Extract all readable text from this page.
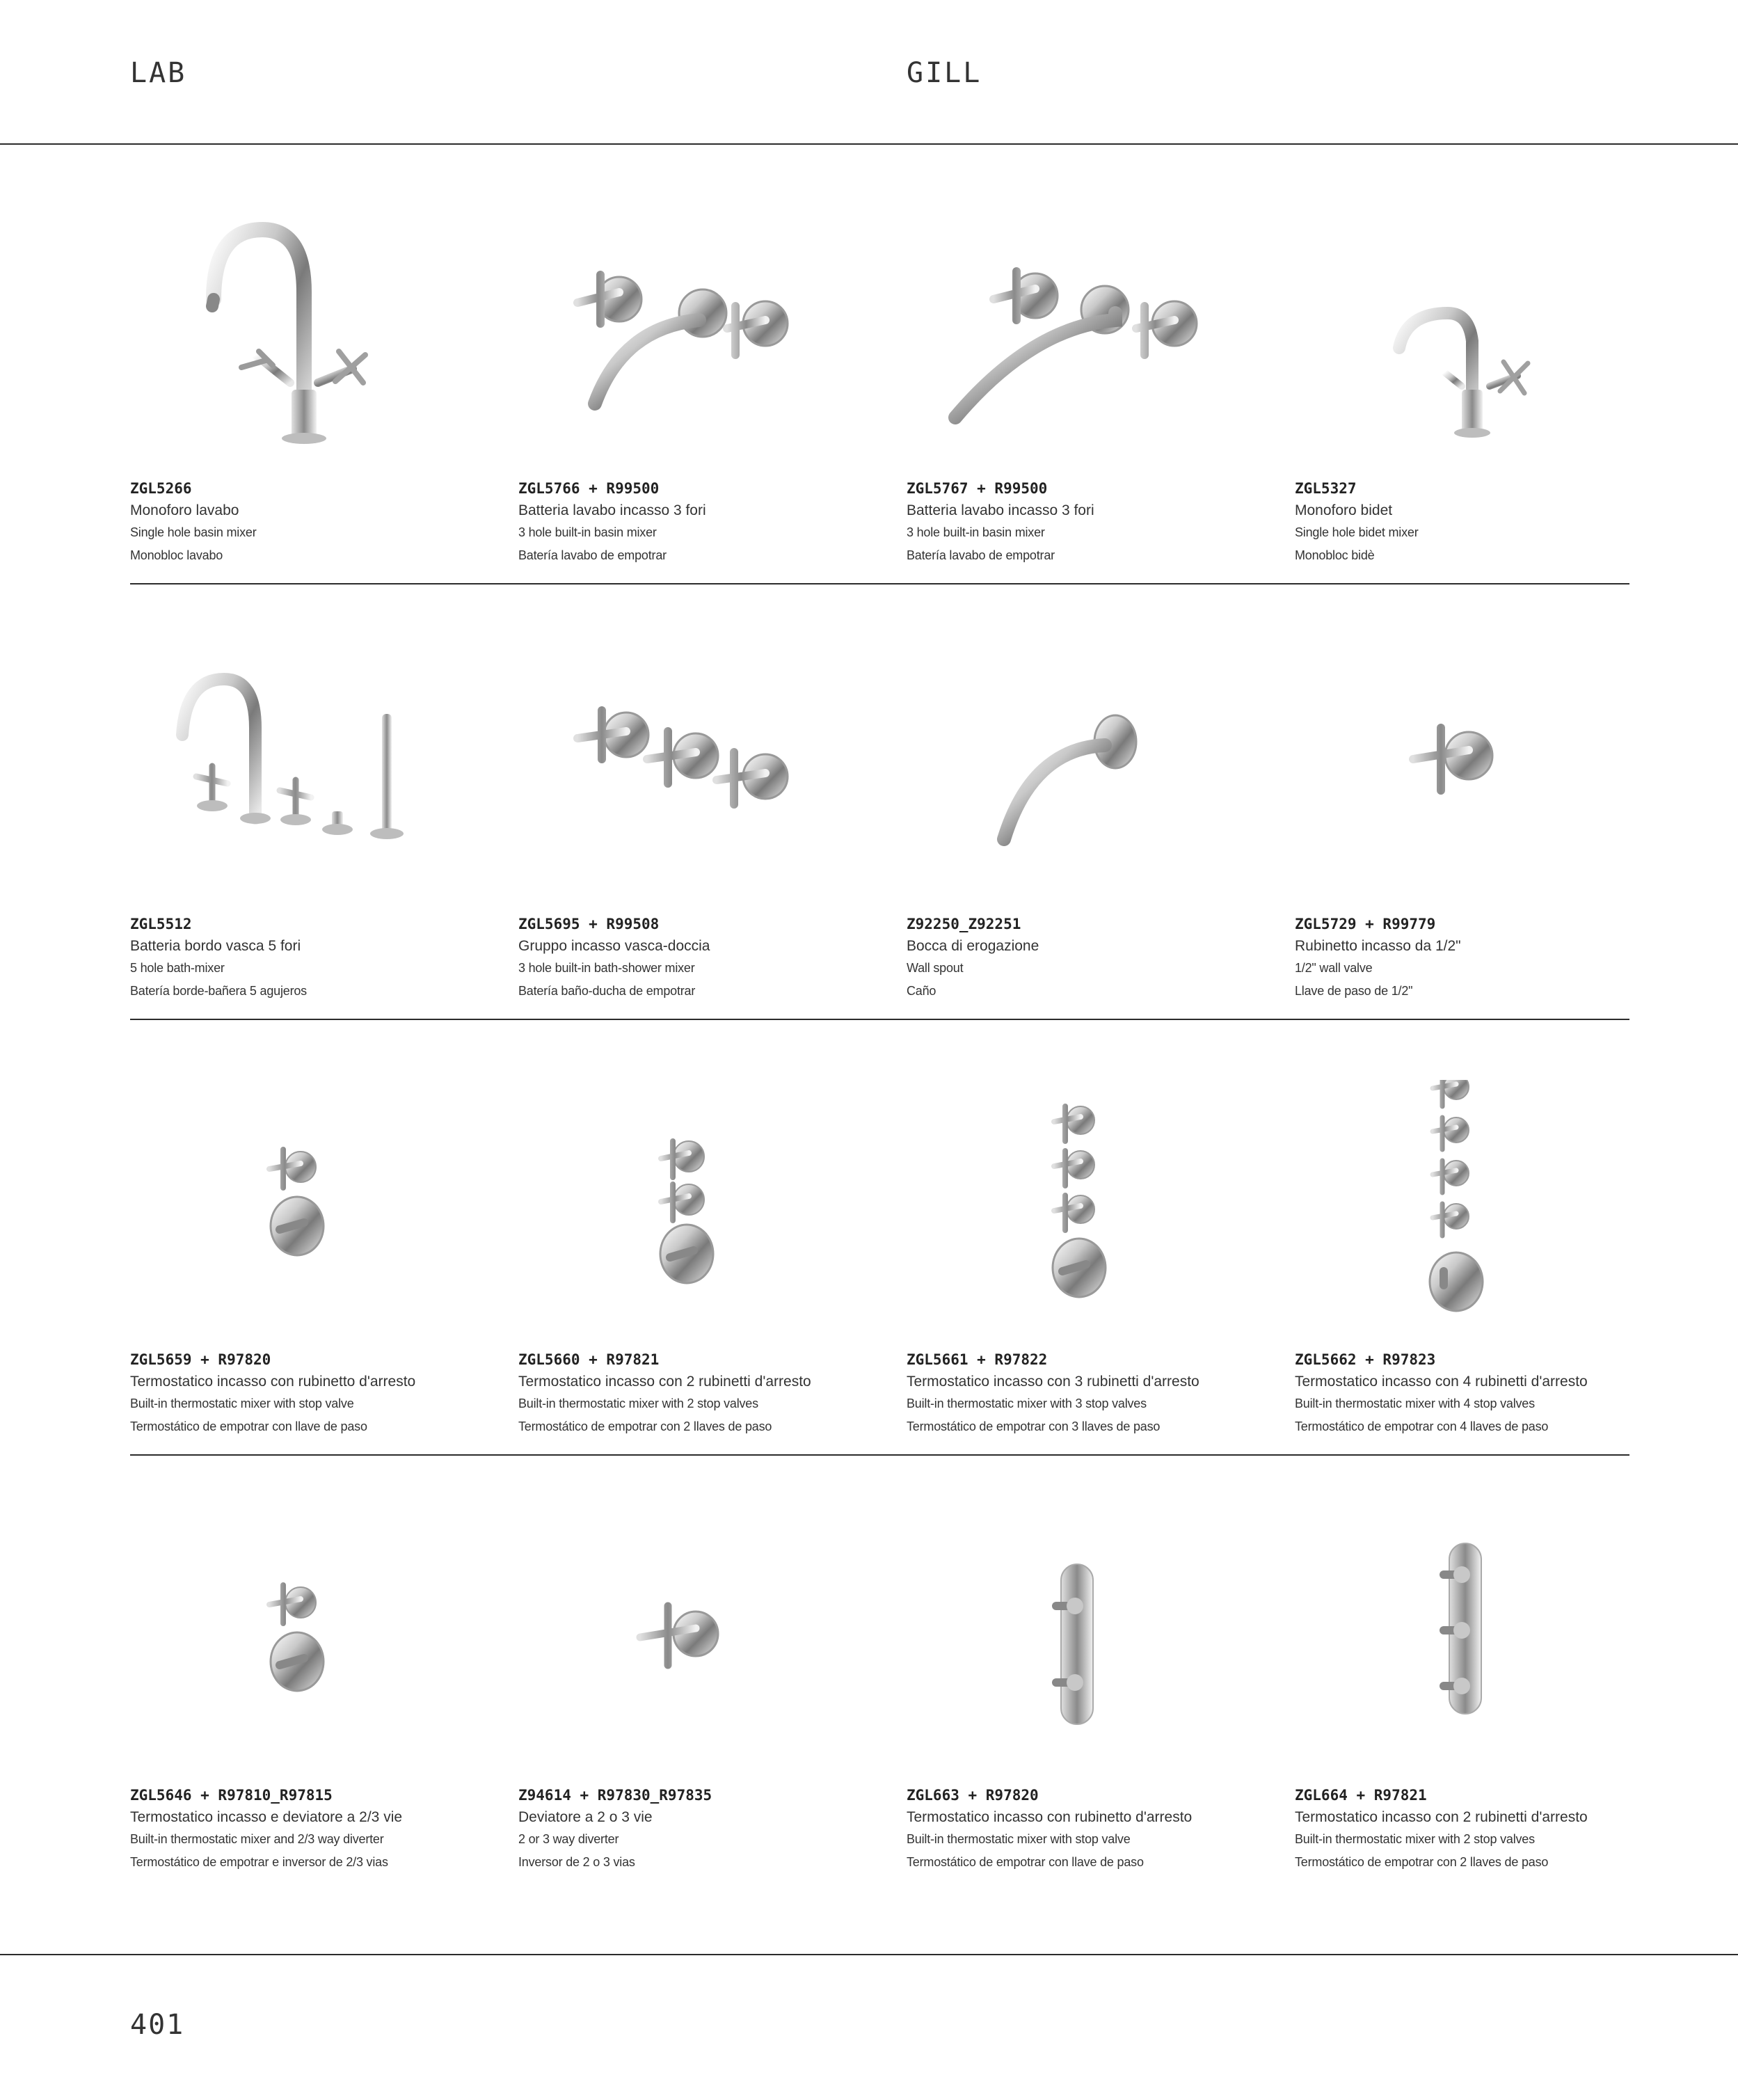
LAB	GILL
ZGL5266
Monoforo lavabo
Single hole basin mixer
Monobloc lavabo
ZGL5766 + R99500
Batteria lavabo incasso 3 fori
3 hole built-in basin mixer
Batería lavabo de empotrar
ZGL5767 + R99500
Batteria lavabo incasso 3 fori
3 hole built-in basin mixer
Batería lavabo de empotrar
ZGL5327
Monoforo bidet
Single hole bidet mixer
Monobloc bidè
ZGL5512
Batteria bordo vasca 5 fori
5 hole bath-mixer
Batería borde-bañera 5 agujeros
ZGL5695 + R99508
Gruppo incasso vasca-doccia
3 hole built-in bath-shower mixer
Batería baño-ducha de empotrar
Z92250_Z92251
Bocca di erogazione
Wall spout
Caño
ZGL5729 + R99779
Rubinetto incasso da 1/2"
1/2" wall valve
Llave de paso de 1/2"
ZGL5659 + R97820
Termostatico incasso con rubinetto d'arresto
Built-in thermostatic mixer with stop valve
Termostático de empotrar con llave de paso
ZGL5660 + R97821
Termostatico incasso con 2 rubinetti d'arresto
Built-in thermostatic mixer with 2 stop valves
Termostático de empotrar con 2 llaves de paso
ZGL5661 + R97822
Termostatico incasso con 3 rubinetti d'arresto
Built-in thermostatic mixer with 3 stop valves
Termostático de empotrar con 3 llaves de paso
ZGL5662 + R97823
Termostatico incasso con 4 rubinetti d'arresto
Built-in thermostatic mixer with 4 stop valves
Termostático de empotrar con 4 llaves de paso
ZGL5646 + R97810_R97815
Termostatico incasso e deviatore a 2/3 vie
Built-in thermostatic mixer and 2/3 way diverter
Termostático de empotrar e inversor de 2/3 vias
Z94614 + R97830_R97835
Deviatore a 2 o 3 vie
2 or 3 way diverter
Inversor de 2 o 3 vias
ZGL663 + R97820
Termostatico incasso con rubinetto d'arresto
Built-in thermostatic mixer with stop valve
Termostático de empotrar con llave de paso
ZGL664 + R97821
Termostatico incasso con 2 rubinetti d'arresto
Built-in thermostatic mixer with 2 stop valves
Termostático de empotrar con 2 llaves de paso
401
